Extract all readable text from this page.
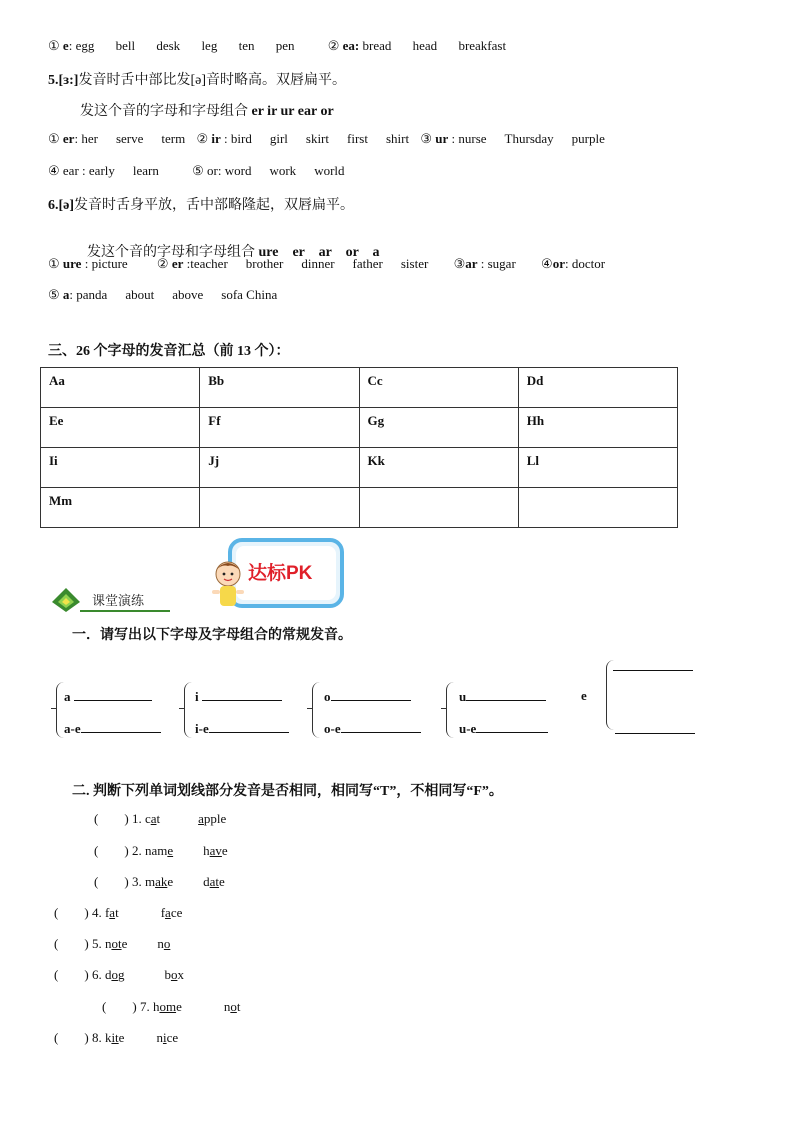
① e: egg bell desk leg ten pen	② ea: bread head breakfast
5.[ɜ:]发音时舌中部比发[ə]音时略高。双唇扁平。
发这个音的字母和字母组合 er ir ur ear or
① er: her serve term ② ir : bird girl skirt first shirt ③ ur : nurse Thursday purple
④ ear : early learn	⑤ or: word work world
6.[ə]发音时舌身平放，舌中部略隆起，双唇扁平。

发这个音的字母和字母组合 ure    er    ar    or    a

① ure : picture ② er :teacher brother dinner father sister ③ar : sugar ④or: doctor
⑤ a: panda about above sofa China
三、26 个字母的发音汇总（前 13 个）：
Aa	Bb	Cc	Dd
Ee	Ff	Gg	Hh
Ii	Jj	Kk	Ll
Mm			
课堂演练
达标PK
一．请写出以下字母及字母组合的常规发音。
a
a-e
i
i-e
o
o-e
u
u-e
e
二. 判断下列单词划线部分发音是否相同，相同写“T”，不相同写“F”。
( ) 1. cat	apple
( ) 2. name have
( ) 3. make date
( ) 4. fat	face
( ) 5. note no
( ) 6. dog	box
( ) 7. home	not
( ) 8. kite nice
